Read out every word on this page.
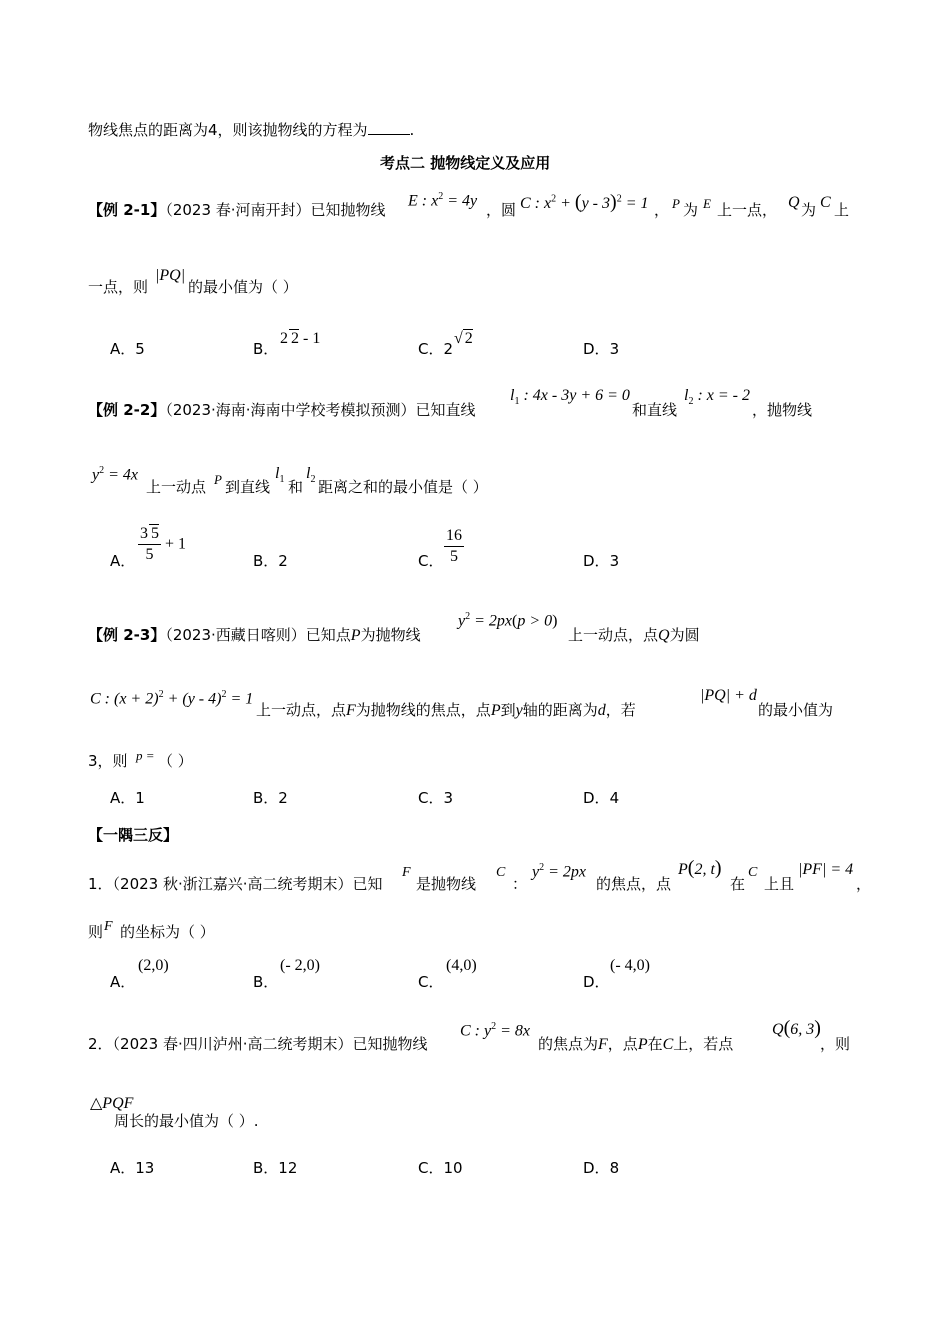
物线焦点的距离为4，则该抛物线的方程为	.
考点二 抛物线定义及应用
【例 2-1】（2023 春·河南开封）已知抛物线
E : $x^2 = 4y$
，圆 C : $x^2 + (y - 3)^2 = 1$ ， P 为 E 上一点， Q 为 C 上
一点，则
|PQ|
的最小值为（ ）
A．5	B．
2 2 - 1
C．2
√ 2
D．3
【例 2-2】（2023·海南·海南中学校考模拟预测）已知直线
$l_1$ : 4x - 3y + 6 = 0
和直线
$l_2$ : x = - 2
，抛物线
$y^2 = 4x$
上一动点 P 到直线
$l_1$ 和
$l_2$ 距离之和的最小值是（ ）
A． $\frac{3 5}{5} + 1$
B．2	C． $\frac{16}{5}$	D．3
【例 2-3】（2023·西藏日喀则）已知点P为抛物线
$y^2 = 2px(p > 0)$
上一动点，点Q为圆
C : $(x + 2)^2 + (y - 4)^2 = 1$
上一动点，点F为抛物线的焦点，点P到y轴的距离为d，若
|PQ| + d
的最小值为
3，则 p = （ ）
A．1	B．2	C．3	D．4
【一隅三反】
1．（2023 秋·浙江嘉兴·高二统考期末）已知
F
是抛物线
C
：
$y^2 = 2px$
的焦点，点
P(2, t)
在
C
上且
|PF| = 4
，
则 F 的坐标为（ ）
A．
(2,0)
B．
(- 2,0)
C．
(4,0)
D．
(- 4,0)
2．（2023 春·四川泸州·高二统考期末）已知抛物线
C : $y^2 = 8x$
的焦点为F，点P在C上，若点
Q(6, 3)
，则
△PQF
周长的最小值为（ ）.
A．13	B．12	C．10	D．8
